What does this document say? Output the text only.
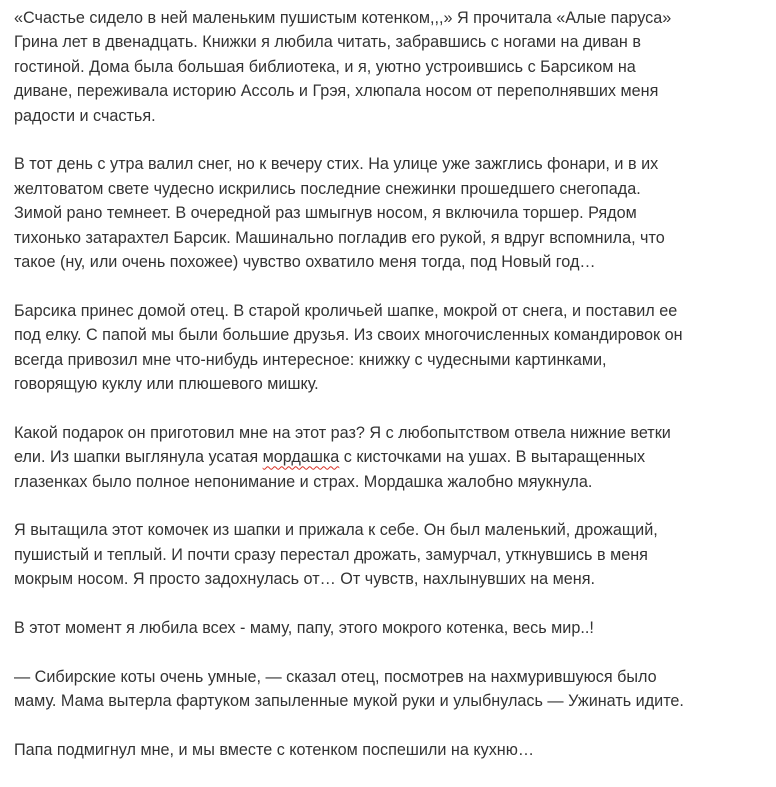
«Счастье сидело в ней маленьким пушистым котенком,,,» Я прочитала «Алые паруса»
Грина лет в двенадцать. Книжки я любила читать, забравшись с ногами на диван в
гостиной. Дома была большая библиотека, и я, уютно устроившись с Барсиком на
диване, переживала историю Ассоль и Грэя, хлюпала носом от переполнявших меня
радости и счастья.
В тот день с утра валил снег, но к вечеру стих. На улице уже зажглись фонари, и в их
желтоватом свете чудесно искрились последние снежинки прошедшего снегопада.
Зимой рано темнеет. В очередной раз шмыгнув носом, я включила торшер. Рядом
тихонько затарахтел Барсик. Машинально погладив его рукой, я вдруг вспомнила, что
такое (ну, или очень похожее) чувство охватило меня тогда, под Новый год…
Барсика принес домой отец. В старой кроличьей шапке, мокрой от снега, и поставил ее
под елку. С папой мы были большие друзья. Из своих многочисленных командировок он
всегда привозил мне что-нибудь интересное: книжку с чудесными картинками,
говорящую куклу или плюшевого мишку.
Какой подарок он приготовил мне на этот раз? Я с любопытством отвела нижние ветки
ели. Из шапки выглянула усатая мордашка с кисточками на ушах. В вытаращенных
глазенках было полное непонимание и страх. Мордашка жалобно мяукнула.
Я вытащила этот комочек из шапки и прижала к себе. Он был маленький, дрожащий,
пушистый и теплый. И почти сразу перестал дрожать, замурчал, уткнувшись в меня
мокрым носом. Я просто задохнулась от… От чувств, нахлынувших на меня.
В этот момент я любила всех - маму, папу, этого мокрого котенка, весь мир..!
— Сибирские коты очень умные, — сказал отец, посмотрев на нахмурившуюся было
маму. Мама вытерла фартуком запыленные мукой руки и улыбнулась — Ужинать идите.
Папа подмигнул мне, и мы вместе с котенком поспешили на кухню…
